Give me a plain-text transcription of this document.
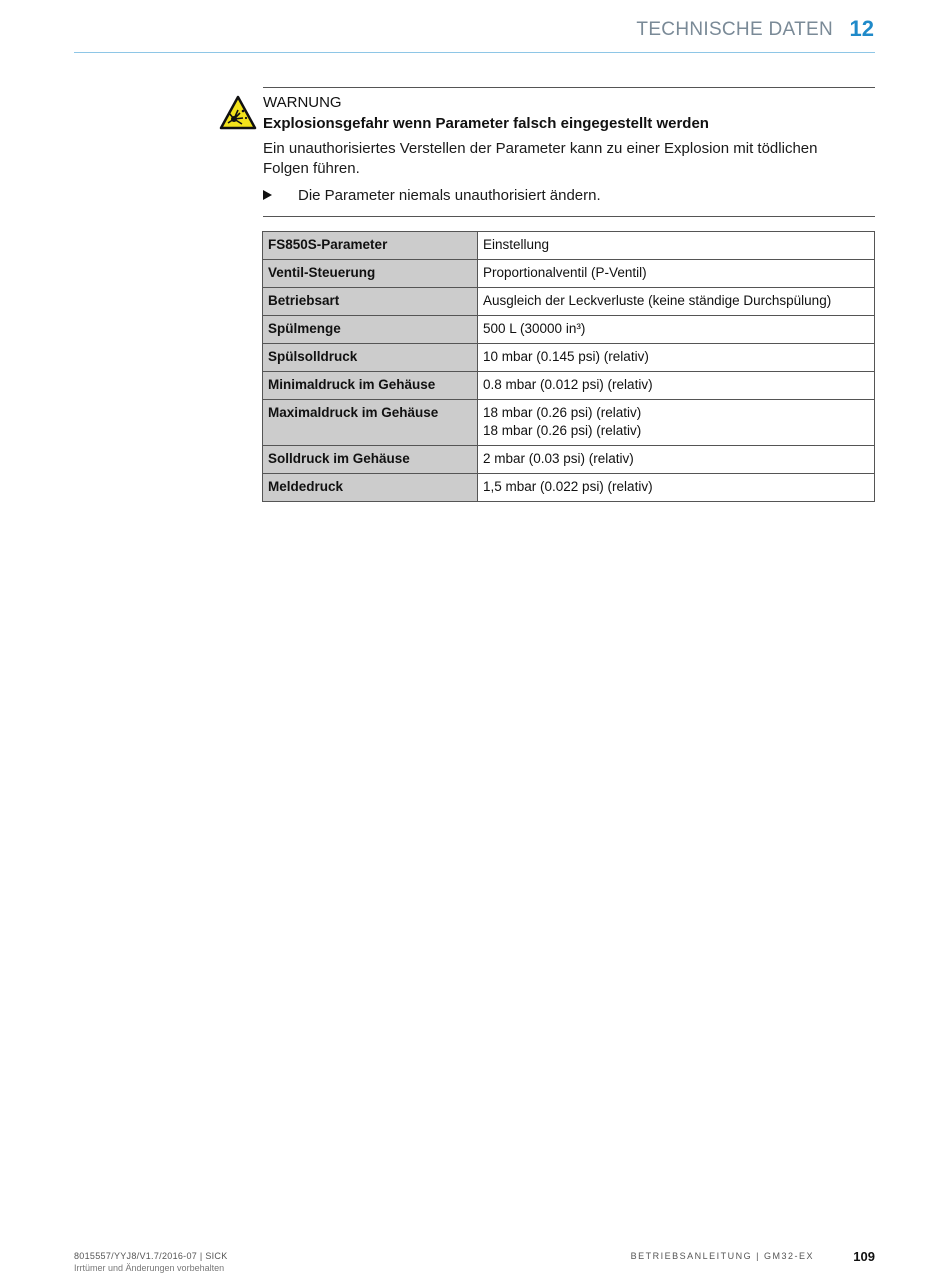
TECHNISCHE DATEN 12
WARNUNG
Explosionsgefahr wenn Parameter falsch eingegestellt werden
Ein unauthorisiertes Verstellen der Parameter kann zu einer Explosion mit tödlichen Folgen führen.
Die Parameter niemals unauthorisiert ändern.
FS850S-Parameter	Einstellung
Ventil-Steuerung	Proportionalventil (P-Ventil)

Betriebsart	Ausgleich der Leckverluste (keine ständige Durchspülung)

Spülmenge	500 L (30000 in³)

Spülsolldruck	10 mbar (0.145 psi) (relativ)

Minimaldruck im Gehäuse	0.8 mbar (0.012 psi) (relativ)

Maximaldruck im Gehäuse	18 mbar (0.26 psi) (relativ)
18 mbar (0.26 psi) (relativ)

Solldruck im Gehäuse	2 mbar (0.03 psi) (relativ)

Meldedruck	1,5 mbar (0.022 psi) (relativ)
8015557/YYJ8/V1.7/2016-07 | SICK
Irrtümer und Änderungen vorbehalten
BETRIEBSANLEITUNG | GM32-EX	109
